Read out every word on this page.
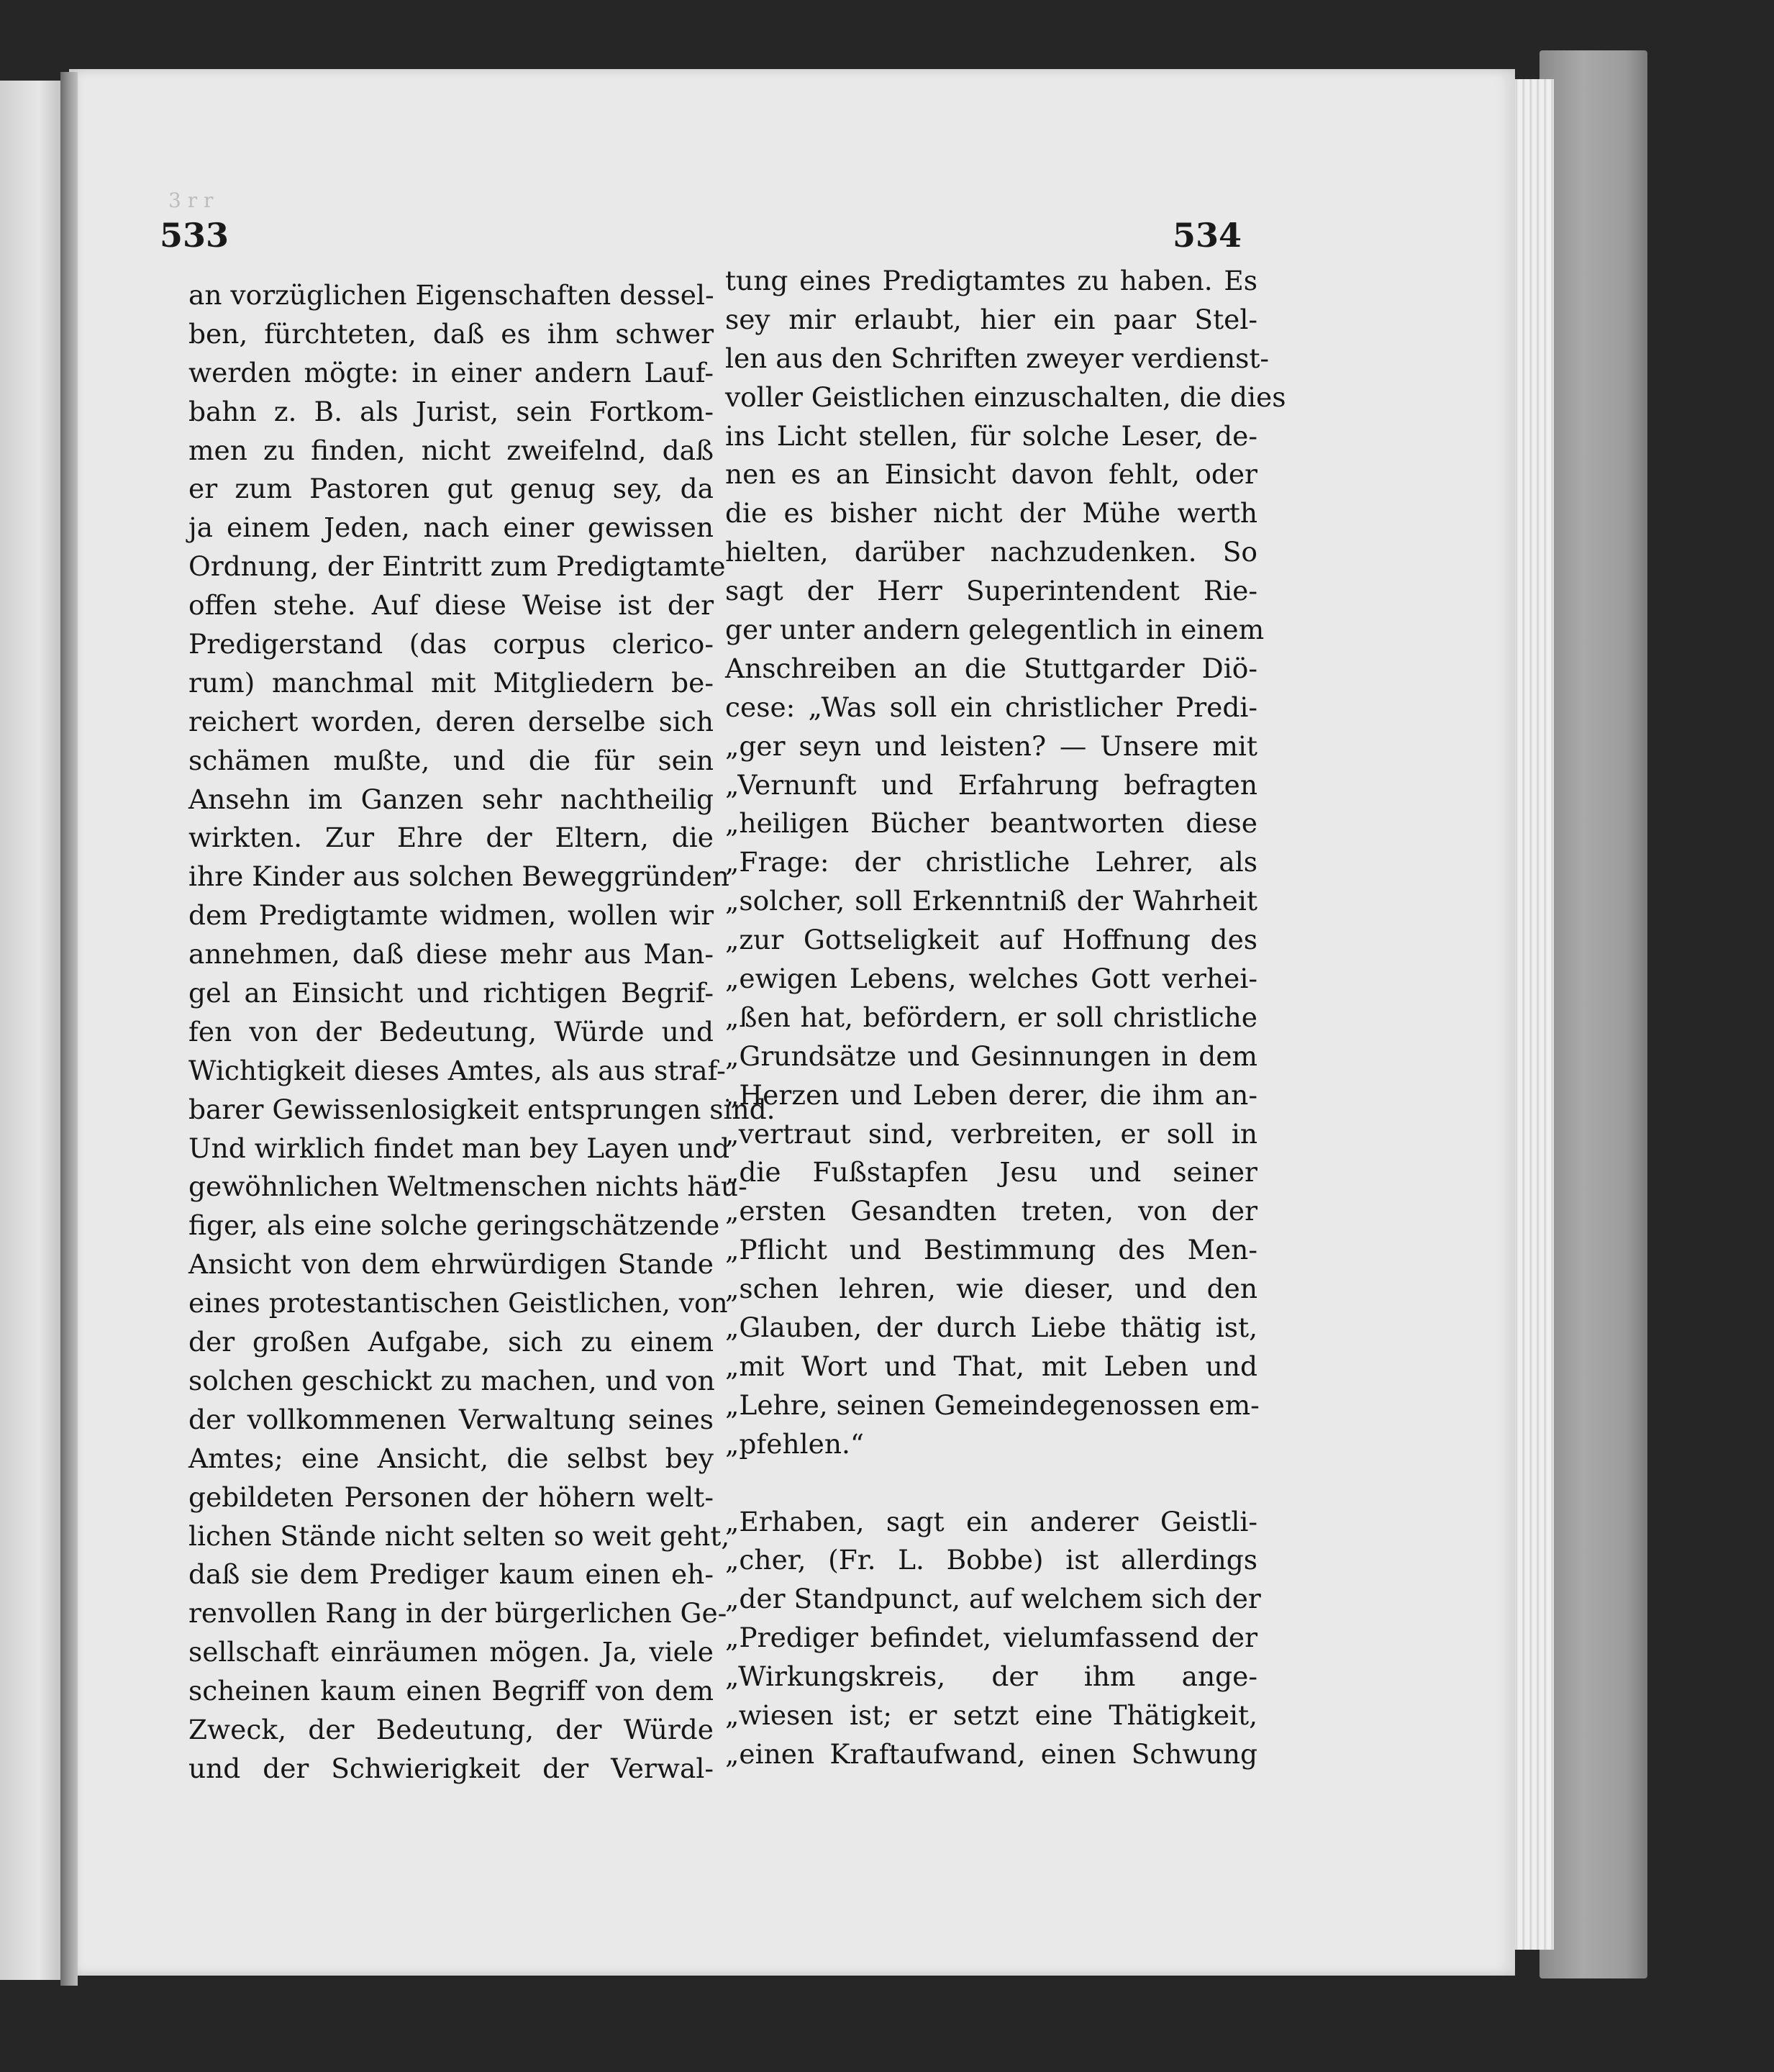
3 r r
533	534
an vorzüglichen Eigenschaften dessel-
ben, fürchteten, daß es ihm schwer
werden mögte: in einer andern Lauf-
bahn z. B. als Jurist, sein Fortkom-
men zu finden, nicht zweifelnd, daß
er zum Pastoren gut genug sey, da
ja einem Jeden, nach einer gewissen
Ordnung, der Eintritt zum Predigtamte
offen stehe. Auf diese Weise ist der
Predigerstand (das corpus clerico-
rum) manchmal mit Mitgliedern be-
reichert worden, deren derselbe sich
schämen mußte, und die für sein
Ansehn im Ganzen sehr nachtheilig
wirkten. Zur Ehre der Eltern, die
ihre Kinder aus solchen Beweggründen
dem Predigtamte widmen, wollen wir
annehmen, daß diese mehr aus Man-
gel an Einsicht und richtigen Begrif-
fen von der Bedeutung, Würde und
Wichtigkeit dieses Amtes, als aus straf-
barer Gewissenlosigkeit entsprungen sind.
Und wirklich findet man bey Layen und
gewöhnlichen Weltmenschen nichts häu-
figer, als eine solche geringschätzende
Ansicht von dem ehrwürdigen Stande
eines protestantischen Geistlichen, von
der großen Aufgabe, sich zu einem
solchen geschickt zu machen, und von
der vollkommenen Verwaltung seines
Amtes; eine Ansicht, die selbst bey
gebildeten Personen der höhern welt-
lichen Stände nicht selten so weit geht,
daß sie dem Prediger kaum einen eh-
renvollen Rang in der bürgerlichen Ge-
sellschaft einräumen mögen. Ja, viele
scheinen kaum einen Begriff von dem
Zweck, der Bedeutung, der Würde
und der Schwierigkeit der Verwal-
tung eines Predigtamtes zu haben. Es
sey mir erlaubt, hier ein paar Stel-
len aus den Schriften zweyer verdienst-
voller Geistlichen einzuschalten, die dies
ins Licht stellen, für solche Leser, de-
nen es an Einsicht davon fehlt, oder
die es bisher nicht der Mühe werth
hielten, darüber nachzudenken. So
sagt der Herr Superintendent Rie-
ger unter andern gelegentlich in einem
Anschreiben an die Stuttgarder Diö-
cese: „Was soll ein christlicher Predi-
„ger seyn und leisten? — Unsere mit
„Vernunft und Erfahrung befragten
„heiligen Bücher beantworten diese
„Frage: der christliche Lehrer, als
„solcher, soll Erkenntniß der Wahrheit
„zur Gottseligkeit auf Hoffnung des
„ewigen Lebens, welches Gott verhei-
„ßen hat, befördern, er soll christliche
„Grundsätze und Gesinnungen in dem
„Herzen und Leben derer, die ihm an-
„vertraut sind, verbreiten, er soll in
„die Fußstapfen Jesu und seiner
„ersten Gesandten treten, von der
„Pflicht und Bestimmung des Men-
„schen lehren, wie dieser, und den
„Glauben, der durch Liebe thätig ist,
„mit Wort und That, mit Leben und
„Lehre, seinen Gemeindegenossen em-
„pfehlen.“
„Erhaben, sagt ein anderer Geistli-
„cher, (Fr. L. Bobbe) ist allerdings
„der Standpunct, auf welchem sich der
„Prediger befindet, vielumfassend der
„Wirkungskreis, der ihm ange-
„wiesen ist; er setzt eine Thätigkeit,
„einen Kraftaufwand, einen Schwung
